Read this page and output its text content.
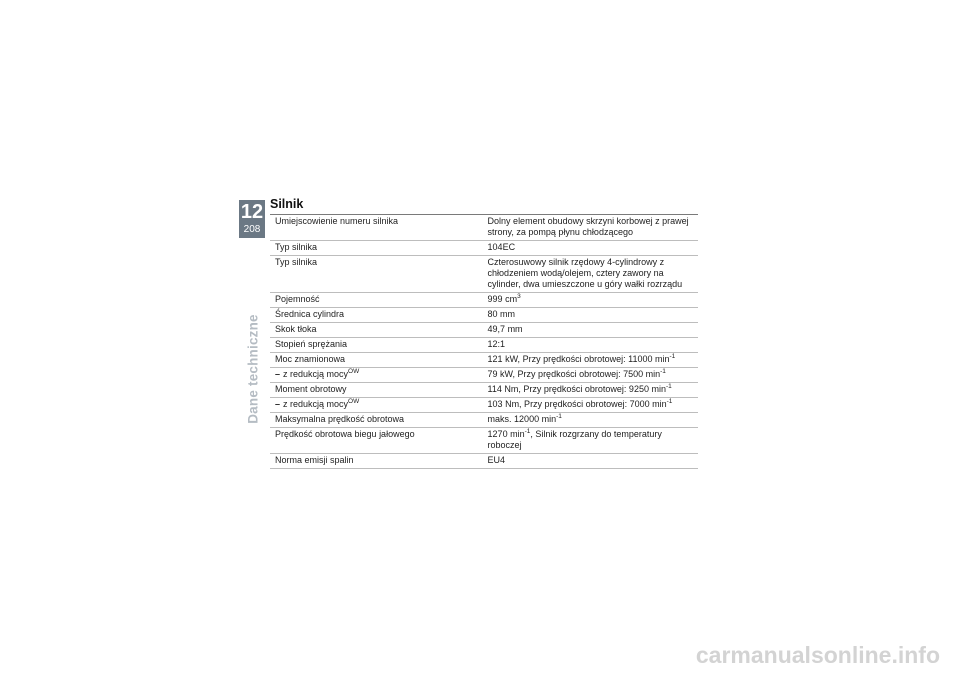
12
208
Dane techniczne
Silnik
Umiejscowienie numeru silnika	Dolny element obudowy skrzyni korbowej z prawej strony, za pompą płynu chłodzącego
Typ silnika	104EC
Typ silnika	Czterosuwowy silnik rzędowy 4-cylindrowy z chłodzeniem wodą/olejem, cztery zawory na cylinder, dwa umieszczone u góry wałki rozrządu
Pojemność	999 $cm^3$
Średnica cylindra	80 mm
Skok tłoka	49,7 mm
Stopień sprężania	12:1
Moc znamionowa	121 kW, Przy prędkości obrotowej: 11000 $\min^{-1}$
– z redukcją mocy$^{OW}$	79 kW, Przy prędkości obrotowej: 7500 $\min^{-1}$
Moment obrotowy	114 Nm, Przy prędkości obrotowej: 9250 $\min^{-1}$
– z redukcją mocy$^{OW}$	103 Nm, Przy prędkości obrotowej: 7000 $\min^{-1}$
Maksymalna prędkość obrotowa	maks. 12000 $\min^{-1}$
Prędkość obrotowa biegu jałowego	1270 $\min^{-1}$, Silnik rozgrzany do temperatury roboczej
Norma emisji spalin	EU4
carmanualsonline.info
